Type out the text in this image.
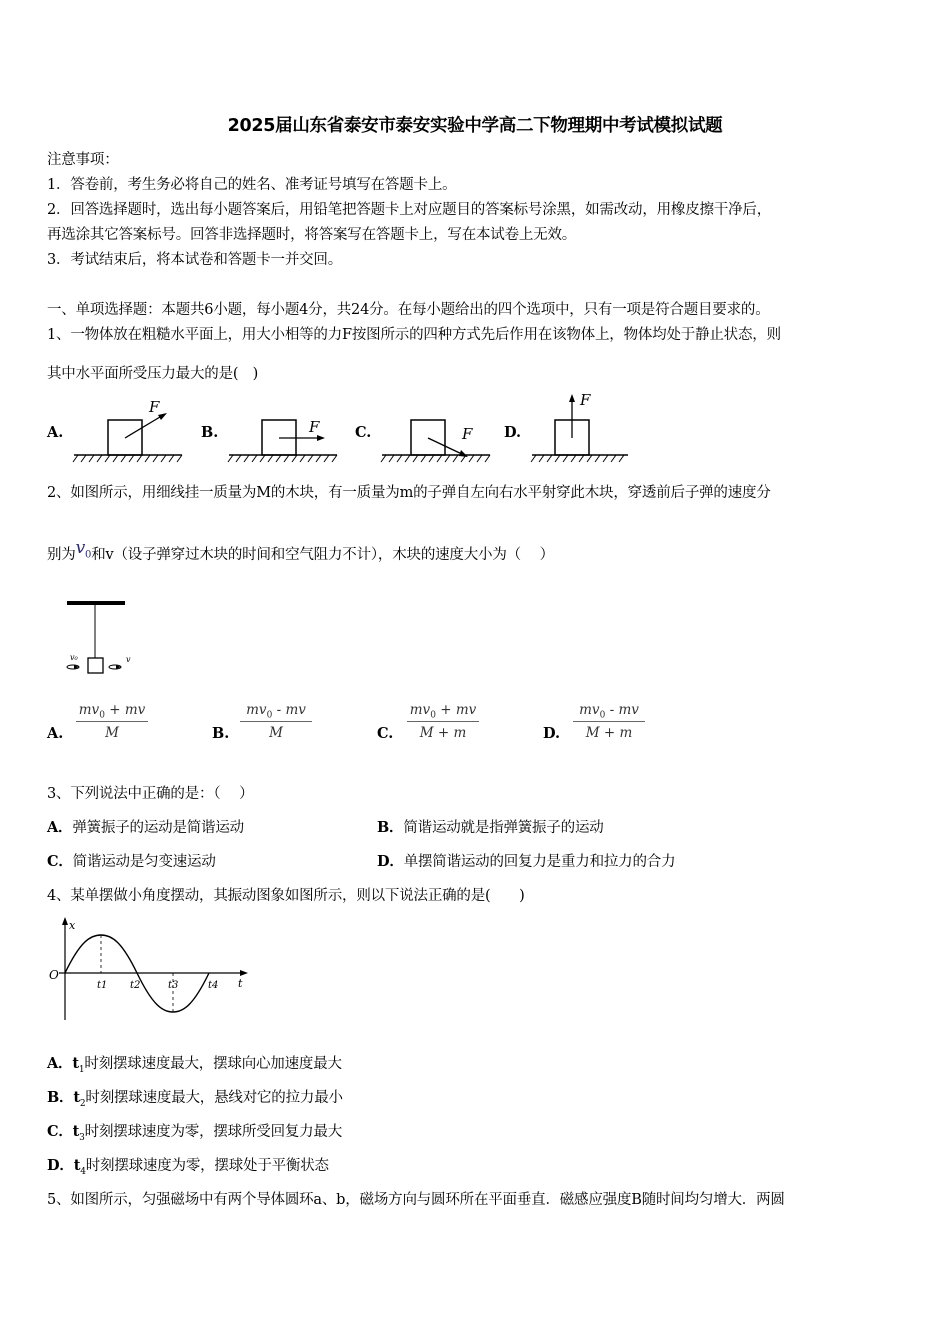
2025届山东省泰安市泰安实验中学高二下物理期中考试模拟试题
注意事项：
1．答卷前，考生务必将自己的姓名、准考证号填写在答题卡上。
2．回答选择题时，选出每小题答案后，用铅笔把答题卡上对应题目的答案标号涂黑，如需改动，用橡皮擦干净后，
再选涂其它答案标号。回答非选择题时，将答案写在答题卡上，写在本试卷上无效。
3．考试结束后，将本试卷和答题卡一并交回。
一、单项选择题：本题共6小题，每小题4分，共24分。在每小题给出的四个选项中，只有一项是符合题目要求的。
1、一物体放在粗糙水平面上，用大小相等的力F按图所示的四种方式先后作用在该物体上，物体均处于静止状态，则
其中水平面所受压力最大的是(　)
A.	B.	C.	D.
F
F	F
F
2、如图所示，用细线挂一质量为M的木块，有一质量为m的子弹自左向右水平射穿此木块，穿透前后子弹的速度分
别为$v_0$和v（设子弹穿过木块的时间和空气阻力不计），木块的速度大小为（　 ）
v₀	v
A.
$mv_0$ + mv
M	B.
$mv_0$ - mv
M	C.
$mv_0$ + mv
M + m	D.
$mv_0$ - mv
M + m
3、下列说法中正确的是：（　 ）
A．弹簧振子的运动是简谐运动	B．简谐运动就是指弹簧振子的运动
C．简谐运动是匀变速运动	D．单摆简谐运动的回复力是重力和拉力的合力
4、某单摆做小角度摆动，其振动图象如图所示，则以下说法正确的是(　　)
O
x
t
t1 t2	t3	t4
A．$t_1$时刻摆球速度最大，摆球向心加速度最大
B．$t_2$时刻摆球速度最大，悬线对它的拉力最小
C．$t_3$时刻摆球速度为零，摆球所受回复力最大
D．$t_4$时刻摆球速度为零，摆球处于平衡状态
5、如图所示，匀强磁场中有两个导体圆环a、b，磁场方向与圆环所在平面垂直．磁感应强度B随时间均匀增大．两圆
